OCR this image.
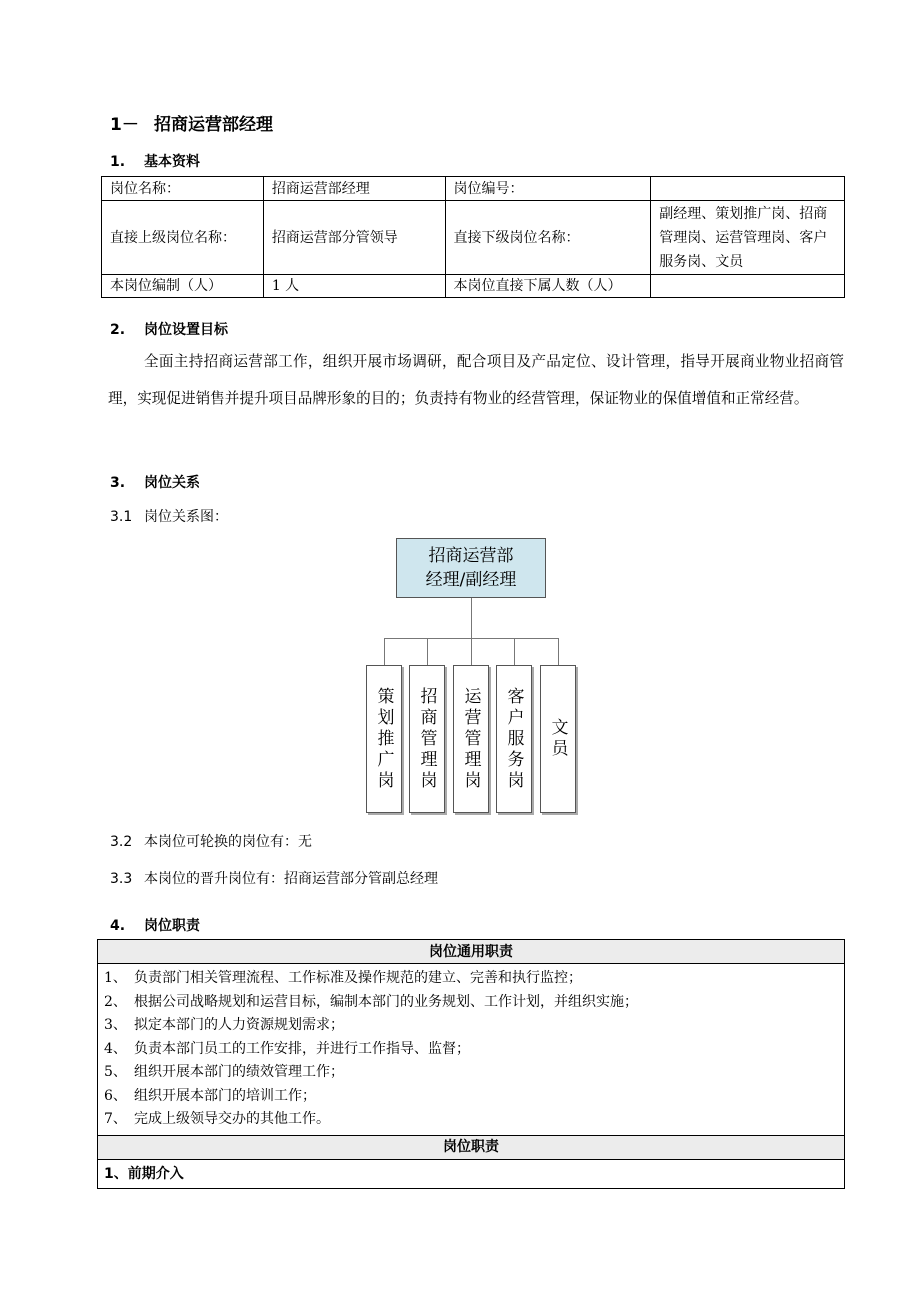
1－ 招商运营部经理
1. 基本资料
岗位名称：	招商运营部经理	岗位编号：	
直接上级岗位名称：	招商运营部分管领导	直接下级岗位名称：	副经理、策划推广岗、招商管理岗、运营管理岗、客户服务岗、文员
本岗位编制（人）	1 人	本岗位直接下属人数（人）	
2. 岗位设置目标
全面主持招商运营部工作，组织开展市场调研，配合项目及产品定位、设计管理，指导开展商业物业招商管理，实现促进销售并提升项目品牌形象的目的；负责持有物业的经营管理，保证物业的保值增值和正常经营。
3. 岗位关系
3.1 岗位关系图：
招商运营部
经理/副经理
策划推广岗 招商管理岗 运营管理岗 客户服务岗 文员
3.2 本岗位可轮换的岗位有：无
3.3 本岗位的晋升岗位有：招商运营部分管副总经理
4. 岗位职责
岗位通用职责

1、 负责部门相关管理流程、工作标准及操作规范的建立、完善和执行监控；
2、 根据公司战略规划和运营目标，编制本部门的业务规划、工作计划，并组织实施；
3、 拟定本部门的人力资源规划需求；
4、 负责本部门员工的工作安排，并进行工作指导、监督；
5、 组织开展本部门的绩效管理工作；
6、 组织开展本部门的培训工作；
7、 完成上级领导交办的其他工作。

岗位职责
1、前期介入
